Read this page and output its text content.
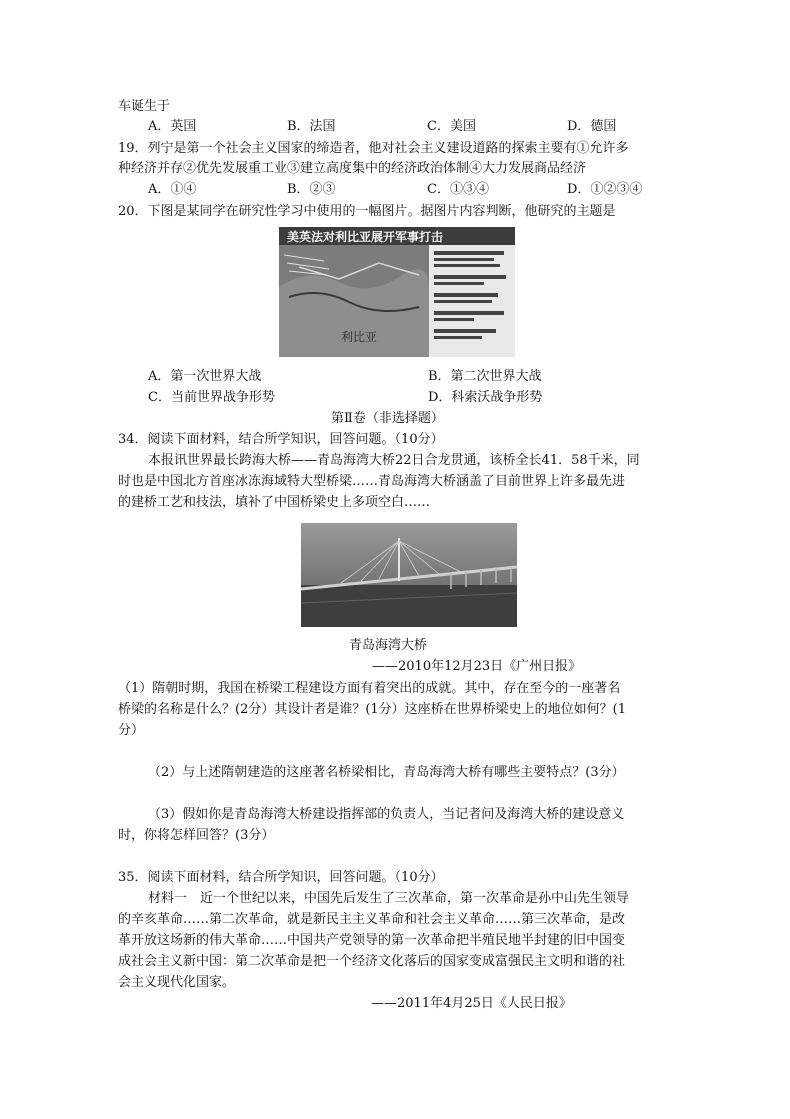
车诞生于
A．英国	B．法国	C．美国	D．德国
19．列宁是第一个社会主义国家的缔造者，他对社会主义建设道路的探索主要有①允许多
种经济并存②优先发展重工业③建立高度集中的经济政治体制④大力发展商品经济
A．①④	B．②③	C．①③④	D．①②③④
20．下图是某同学在研究性学习中使用的一幅图片。据图片内容判断，他研究的主题是
美英法对利比亚展开军事打击
利比亚
A．第一次世界大战	B．第二次世界大战
C．当前世界战争形势	D．科索沃战争形势
第Ⅱ卷（非选择题）
34．阅读下面材料，结合所学知识，回答问题。（10分）
本报讯世界最长跨海大桥——青岛海湾大桥22日合龙贯通，该桥全长41．58千米，同
时也是中国北方首座冰冻海域特大型桥梁……青岛海湾大桥涵盖了目前世界上许多最先进
的建桥工艺和技法，填补了中国桥梁史上多项空白……
青岛海湾大桥
——2010年12月23日《广州日报》
（1）隋朝时期，我国在桥梁工程建设方面有着突出的成就。其中，存在至今的一座著名
桥梁的名称是什么？(2分）其设计者是谁？(1分）这座桥在世界桥梁史上的地位如何？(1
分）
（2）与上述隋朝建造的这座著名桥梁相比，青岛海湾大桥有哪些主要特点？(3分）
（3）假如你是青岛海湾大桥建设指挥部的负责人，当记者问及海湾大桥的建设意义
时，你将怎样回答？(3分）
35．阅读下面材料，结合所学知识，回答问题。（10分）
材料一　近一个世纪以来，中国先后发生了三次革命，第一次革命是孙中山先生领导
的辛亥革命……第二次革命，就是新民主主义革命和社会主义革命……第三次革命，是改
革开放这场新的伟大革命……中国共产党领导的第一次革命把半殖民地半封建的旧中国变
成社会主义新中国：第二次革命是把一个经济文化落后的国家变成富强民主文明和谐的社
会主义现代化国家。
——2011年4月25日《人民日报》
